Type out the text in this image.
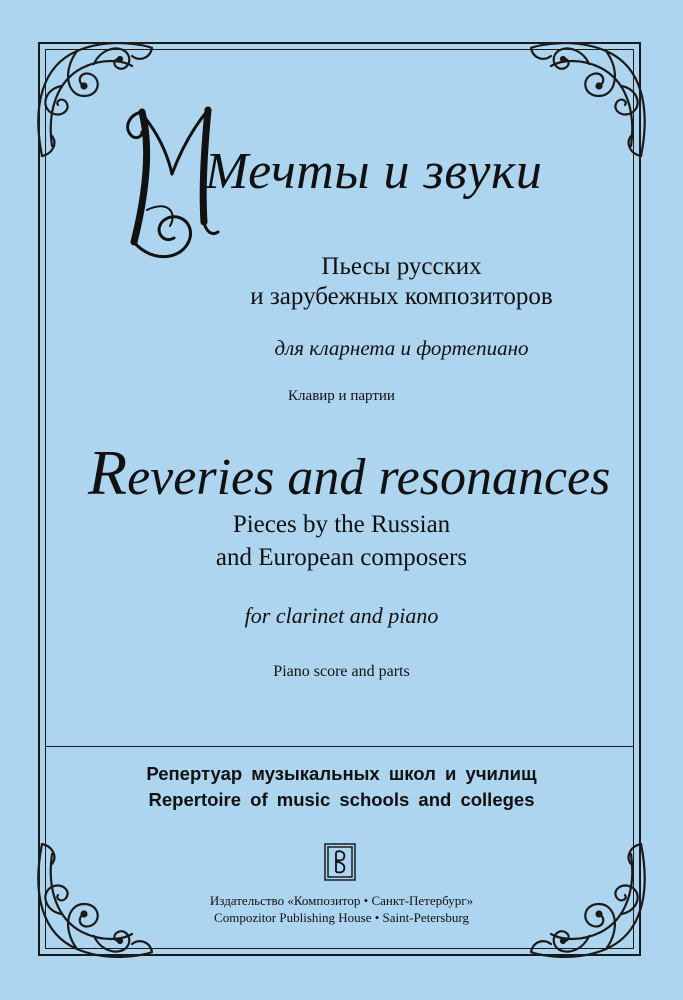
Мечты и звуки
Пьесы русских
и зарубежных композиторов
для кларнета и фортепиано
Клавир и партии
Reveries and resonances
Pieces by the Russian
and European composers
for clarinet and piano
Piano score and parts
Репертуар музыкальных школ и училищ
Repertoire of music schools and colleges
Издательство «Композитор • Санкт-Петербург»
Compozitor Publishing House • Saint-Petersburg
